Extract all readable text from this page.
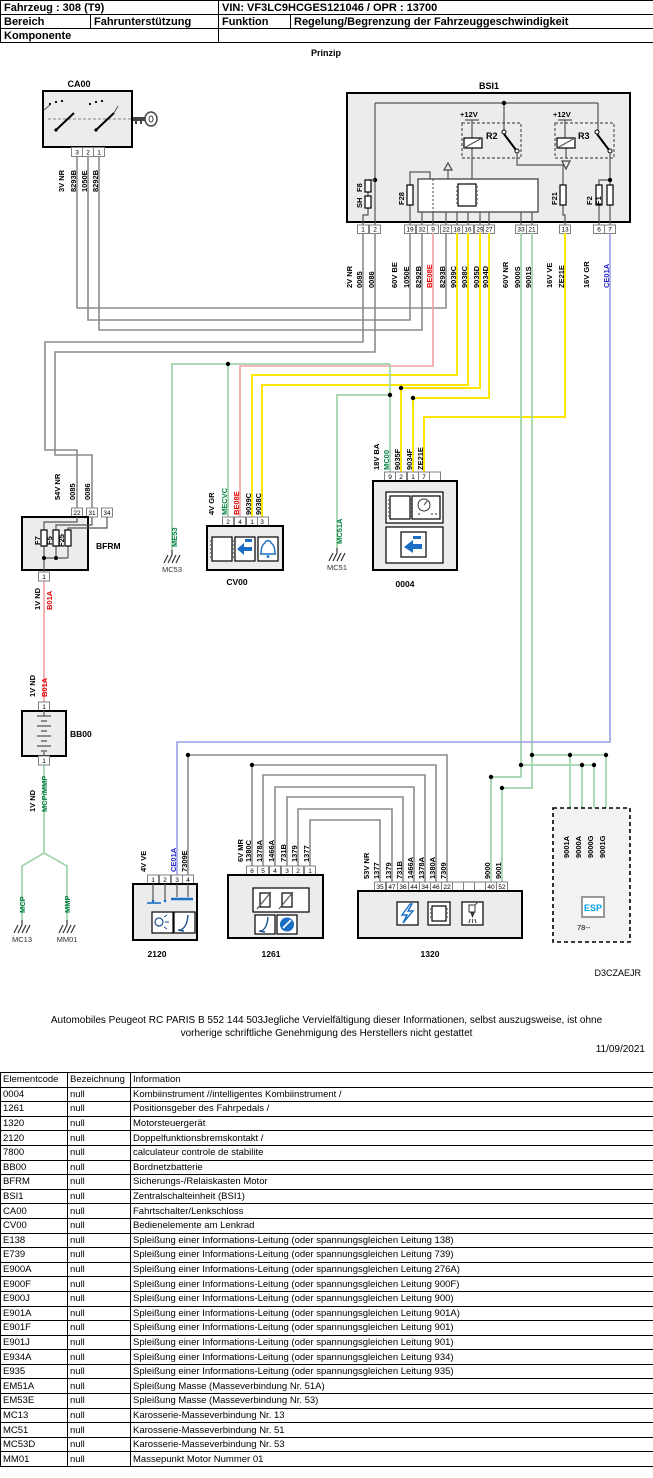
Fahrzeug : 308 (T9)		VIN: VF3LC9HCGES121046 / OPR : 13700	
Bereich	Fahrunterstützung	Funktion	Regelung/Begrenzung der Fahrzeuggeschwindigkeit
Komponente			
Prinzip
CA00
3 2 1
3V NR 8293B 1050E 8292B
BSI1
F8
SH	F28
+12V
R2
F21
+12V
R3
F2 F1
1 2	19 32 9 22 18 16 29 27	33 21	13	6 7
2V NR 0085 0086 60V BE 1050E 8292B BE08E 8293B 9039C 9038C 9035D 9034D 60V NR 9000S 9001S 16V VE ZE21E 16V GR CE01A
54V NR 0085 0086
22 31 34
BFRM
F7 F5 F25
1
1V ND B01A
1V ND B01A
1
BB00
1
1V ND MCP/MMP
MCP	MMP
MC13	MM01
ME53
MC53
MC51A
MC51
4V GR MECVC BE08E 9039C 9038C
2 4 1 3
CV00
18V BA MC00 9035F 9034F ZE21E
9 2 1 7
0004
4V VE	CE01A 7309E
1 2 3 4
2120
6V MR 1380C 1378A 1466A 731B 1379 1377
6 5 4 3 2 1
1261
53V NR 1377 1379 731B 1466A 1378A 1380A 7309	9000 9001
35 47 36 44 34 46 22	40 52
1320
9001A 9000A 9000G 9001G
ESP
78--
D3CZAEJR
Automobiles Peugeot RC PARIS B 552 144 503Jegliche Vervielfältigung dieser Informationen, selbst auszugsweise, ist ohne
vorherige schriftliche Genehmigung des Herstellers nicht gestattet
11/09/2021
Elementcode	Bezeichnung	Information
0004	null	Kombiinstrument //intelligentes Kombiinstrument /
1261	null	Positionsgeber des Fahrpedals /
1320	null	Motorsteuergerät
2120	null	Doppelfunktionsbremskontakt /
7800	null	calculateur controle de stabilite
BB00	null	Bordnetzbatterie
BFRM	null	Sicherungs-/Relaiskasten Motor
BSI1	null	Zentralschalteinheit (BSI1)
CA00	null	Fahrtschalter/Lenkschloss
CV00	null	Bedienelemente am Lenkrad
E138	null	Spleißung einer Informations-Leitung (oder spannungsgleichen Leitung 138)
E739	null	Spleißung einer Informations-Leitung (oder spannungsgleichen Leitung 739)
E900A	null	Spleißung einer Informations-Leitung (oder spannungsgleichen Leitung 276A)
E900F	null	Spleißung einer Informations-Leitung (oder spannungsgleichen Leitung 900F)
E900J	null	Spleißung einer Informations-Leitung (oder spannungsgleichen Leitung 900)
E901A	null	Spleißung einer Informations-Leitung (oder spannungsgleichen Leitung 901A)
E901F	null	Spleißung einer Informations-Leitung (oder spannungsgleichen Leitung 901)
E901J	null	Spleißung einer Informations-Leitung (oder spannungsgleichen Leitung 901)
E934A	null	Spleißung einer Informations-Leitung (oder spannungsgleichen Leitung 934)
E935	null	Spleißung einer Informations-Leitung (oder spannungsgleichen Leitung 935)
EM51A	null	Spleißung Masse (Masseverbindung Nr. 51A)
EM53E	null	Spleißung Masse (Masseverbindung Nr. 53)
MC13	null	Karosserie-Masseverbindung Nr. 13
MC51	null	Karosserie-Masseverbindung Nr. 51
MC53D	null	Karosserie-Masseverbindung Nr. 53
MM01	null	Massepunkt Motor Nummer 01
